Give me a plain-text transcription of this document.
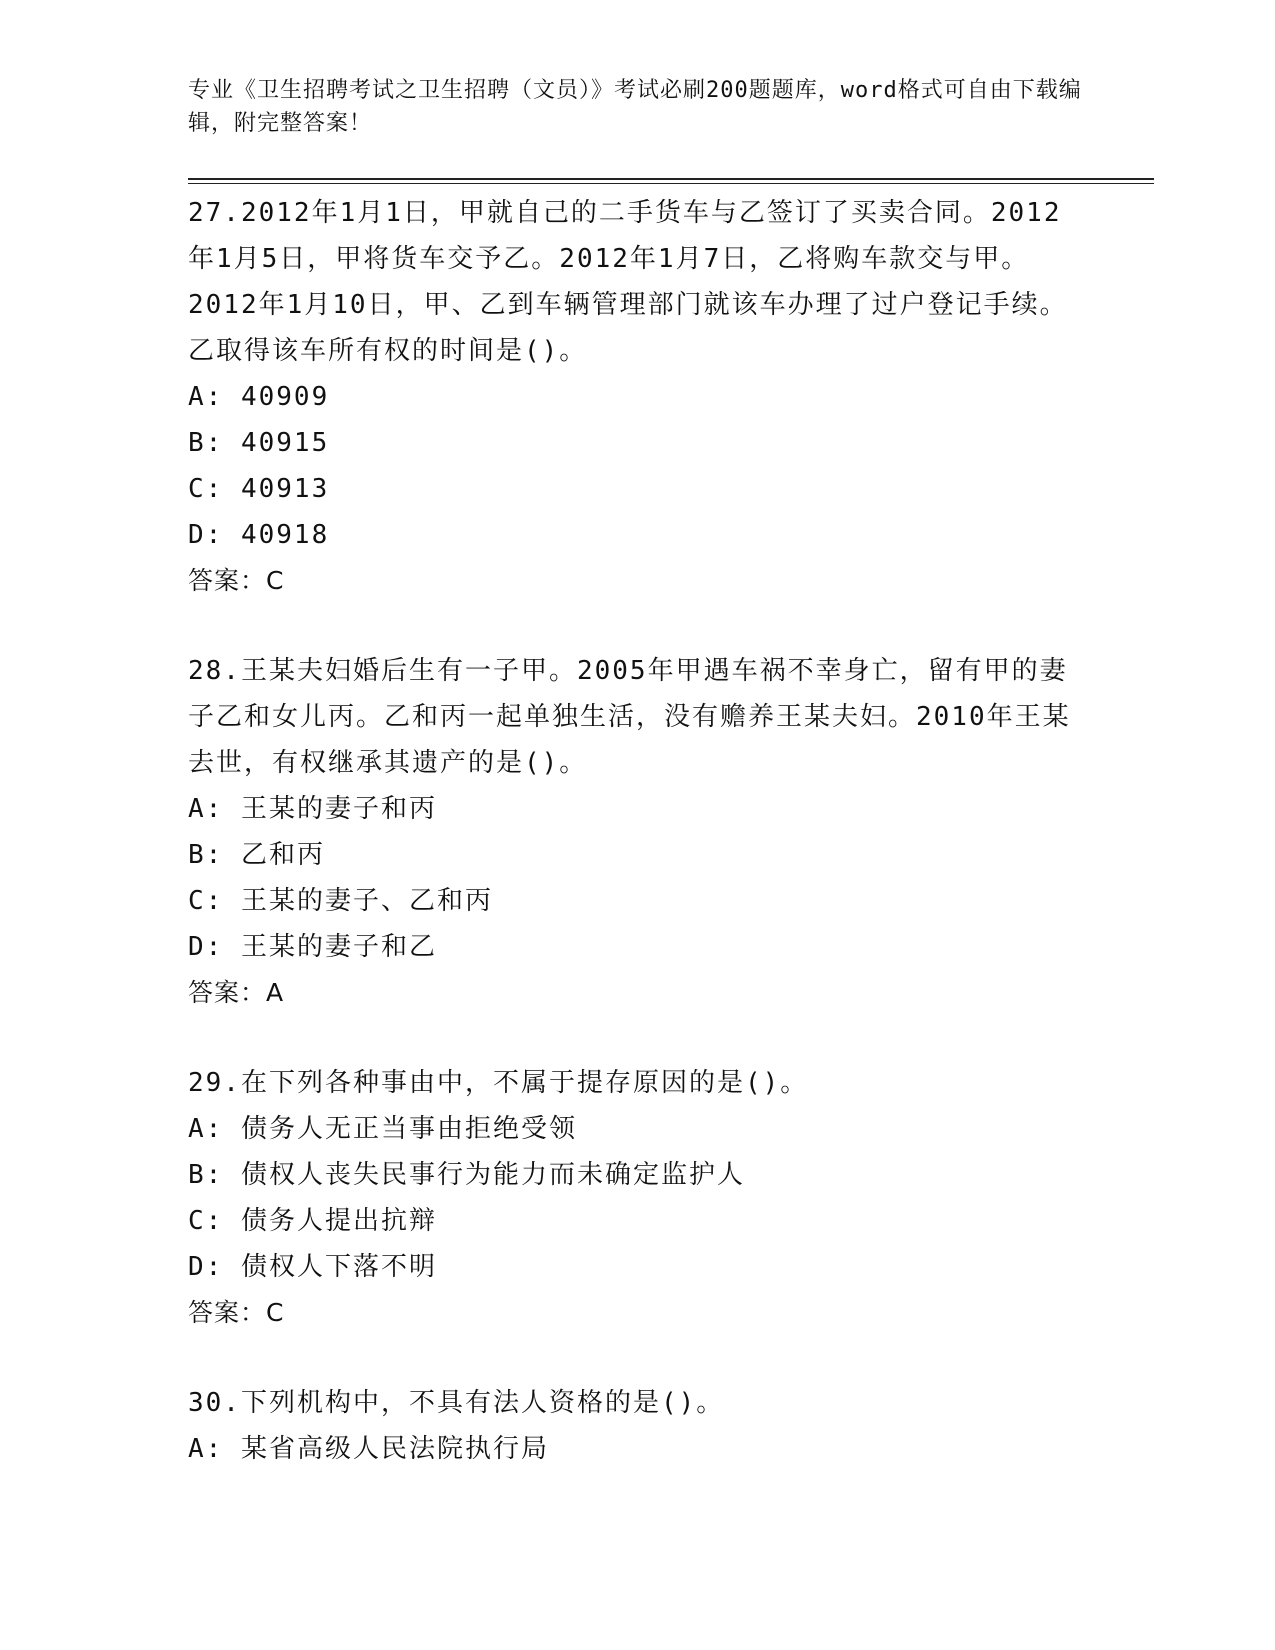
专业《卫生招聘考试之卫生招聘（文员）》考试必刷200题题库，word格式可自由下载编辑，附完整答案！

27.2012年1月1日，甲就自己的二手货车与乙签订了买卖合同。2012年1月5日，甲将货车交予乙。2012年1月7日，乙将购车款交与甲。2012年1月10日，甲、乙到车辆管理部门就该车办理了过户登记手续。乙取得该车所有权的时间是()。

A: 40909

B: 40915

C: 40913

D: 40918

答案：C

28.王某夫妇婚后生有一子甲。2005年甲遇车祸不幸身亡，留有甲的妻子乙和女儿丙。乙和丙一起单独生活，没有赡养王某夫妇。2010年王某去世，有权继承其遗产的是()。

A: 王某的妻子和丙

B: 乙和丙

C: 王某的妻子、乙和丙

D: 王某的妻子和乙

答案：A

29.在下列各种事由中，不属于提存原因的是()。

A: 债务人无正当事由拒绝受领

B: 债权人丧失民事行为能力而未确定监护人

C: 债务人提出抗辩

D: 债权人下落不明

答案：C

30.下列机构中，不具有法人资格的是()。

A: 某省高级人民法院执行局
